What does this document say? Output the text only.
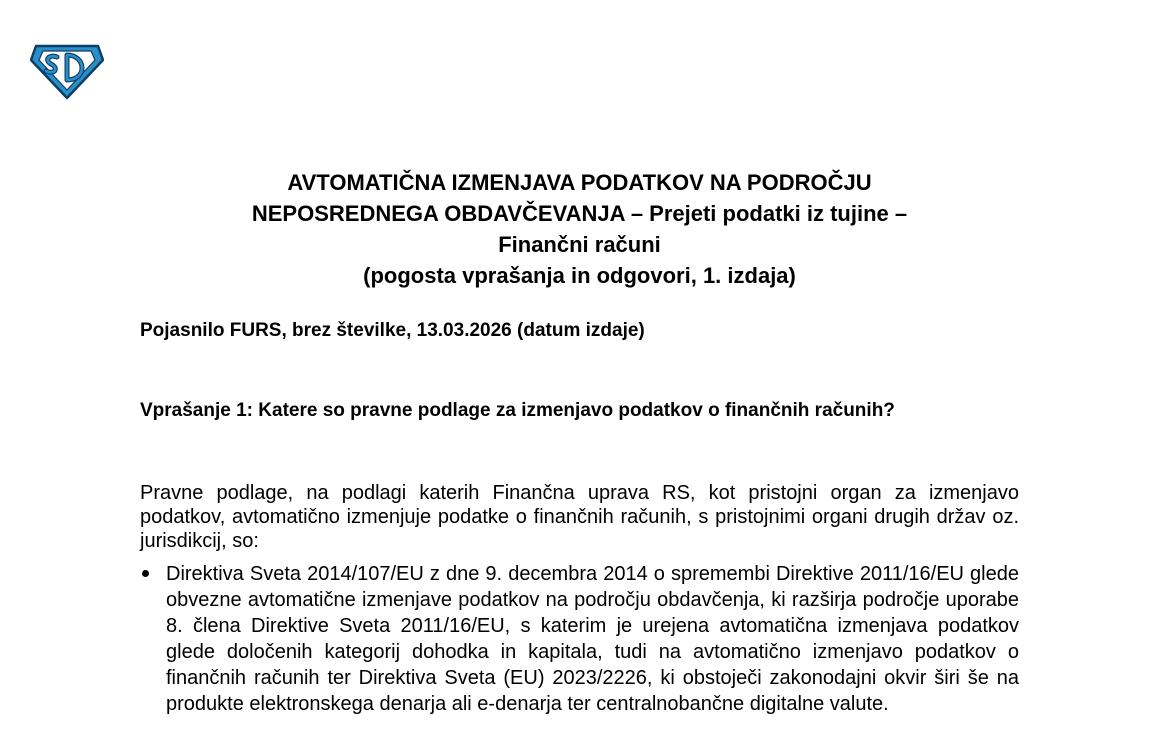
AVTOMATIČNA IZMENJAVA PODATKOV NA PODROČJU
NEPOSREDNEGA OBDAVČEVANJA – Prejeti podatki iz tujine –
Finančni računi
(pogosta vprašanja in odgovori, 1. izdaja)
Pojasnilo FURS, brez številke, 13.03.2026 (datum izdaje)
Vprašanje 1: Katere so pravne podlage za izmenjavo podatkov o finančnih računih?
Pravne podlage, na podlagi katerih Finančna uprava RS, kot pristojni organ za izmenjavo podatkov, avtomatično izmenjuje podatke o finančnih računih, s pristojnimi organi drugih držav oz. jurisdikcij, so:
Direktiva Sveta 2014/107/EU z dne 9. decembra 2014 o spremembi Direktive 2011/16/EU glede obvezne avtomatične izmenjave podatkov na področju obdavčenja, ki razširja področje uporabe 8. člena Direktive Sveta 2011/16/EU, s katerim je urejena avtomatična izmenjava podatkov glede določenih kategorij dohodka in kapitala, tudi na avtomatično izmenjavo podatkov o finančnih računih ter Direktiva Sveta (EU) 2023/2226, ki obstoječi zakonodajni okvir širi še na produkte elektronskega denarja ali e-denarja ter centralnobančne digitalne valute.
